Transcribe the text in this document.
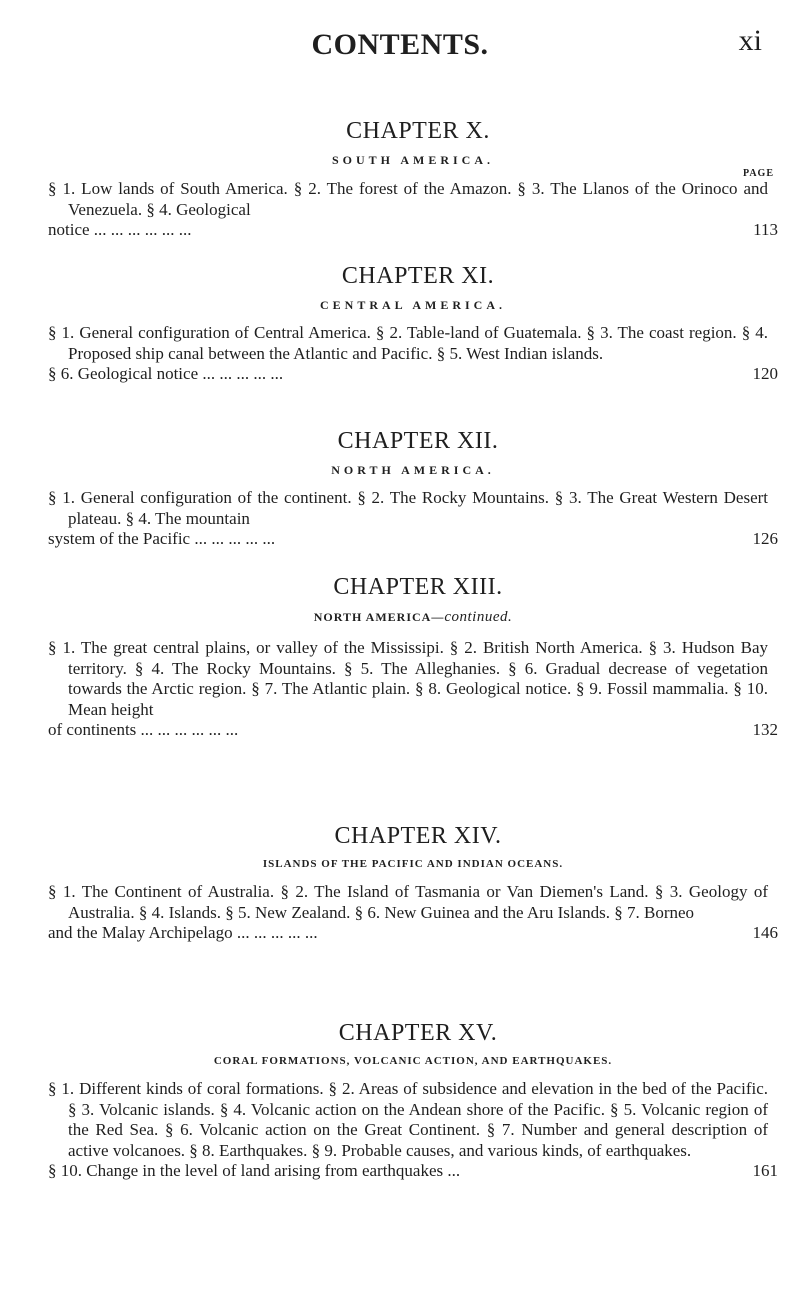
CONTENTS.	xi
CHAPTER X.
SOUTH AMERICA.
PAGE
§ 1. Low lands of South America. § 2. The forest of the Amazon. § 3. The Llanos of the Orinoco and Venezuela. § 4. Geological
notice ... ... ... ... ... ...	113
CHAPTER XI.
CENTRAL AMERICA.
§ 1. General configuration of Central America. § 2. Table-land of Guatemala. § 3. The coast region. § 4. Proposed ship canal between the Atlantic and Pacific. § 5. West Indian islands.
§ 6. Geological notice ... ... ... ... ...	120
CHAPTER XII.
NORTH AMERICA.
§ 1. General configuration of the continent. § 2. The Rocky Mountains. § 3. The Great Western Desert plateau. § 4. The mountain
system of the Pacific ... ... ... ... ...	126
CHAPTER XIII.
NORTH AMERICA—continued.
§ 1. The great central plains, or valley of the Mississipi. § 2. British North America. § 3. Hudson Bay territory. § 4. The Rocky Mountains. § 5. The Alleghanies. § 6. Gradual decrease of vegetation towards the Arctic region. § 7. The Atlantic plain. § 8. Geological notice. § 9. Fossil mammalia. § 10. Mean height
of continents ... ... ... ... ... ...	132
CHAPTER XIV.
ISLANDS OF THE PACIFIC AND INDIAN OCEANS.
§ 1. The Continent of Australia. § 2. The Island of Tasmania or Van Diemen's Land. § 3. Geology of Australia. § 4. Islands. § 5. New Zealand. § 6. New Guinea and the Aru Islands. § 7. Borneo
and the Malay Archipelago ... ... ... ... ...	146
CHAPTER XV.
CORAL FORMATIONS, VOLCANIC ACTION, AND EARTHQUAKES.
§ 1. Different kinds of coral formations. § 2. Areas of subsidence and elevation in the bed of the Pacific. § 3. Volcanic islands. § 4. Volcanic action on the Andean shore of the Pacific. § 5. Volcanic region of the Red Sea. § 6. Volcanic action on the Great Continent. § 7. Number and general description of active volcanoes. § 8. Earthquakes. § 9. Probable causes, and various kinds, of earthquakes.
§ 10. Change in the level of land arising from earthquakes ...	161
